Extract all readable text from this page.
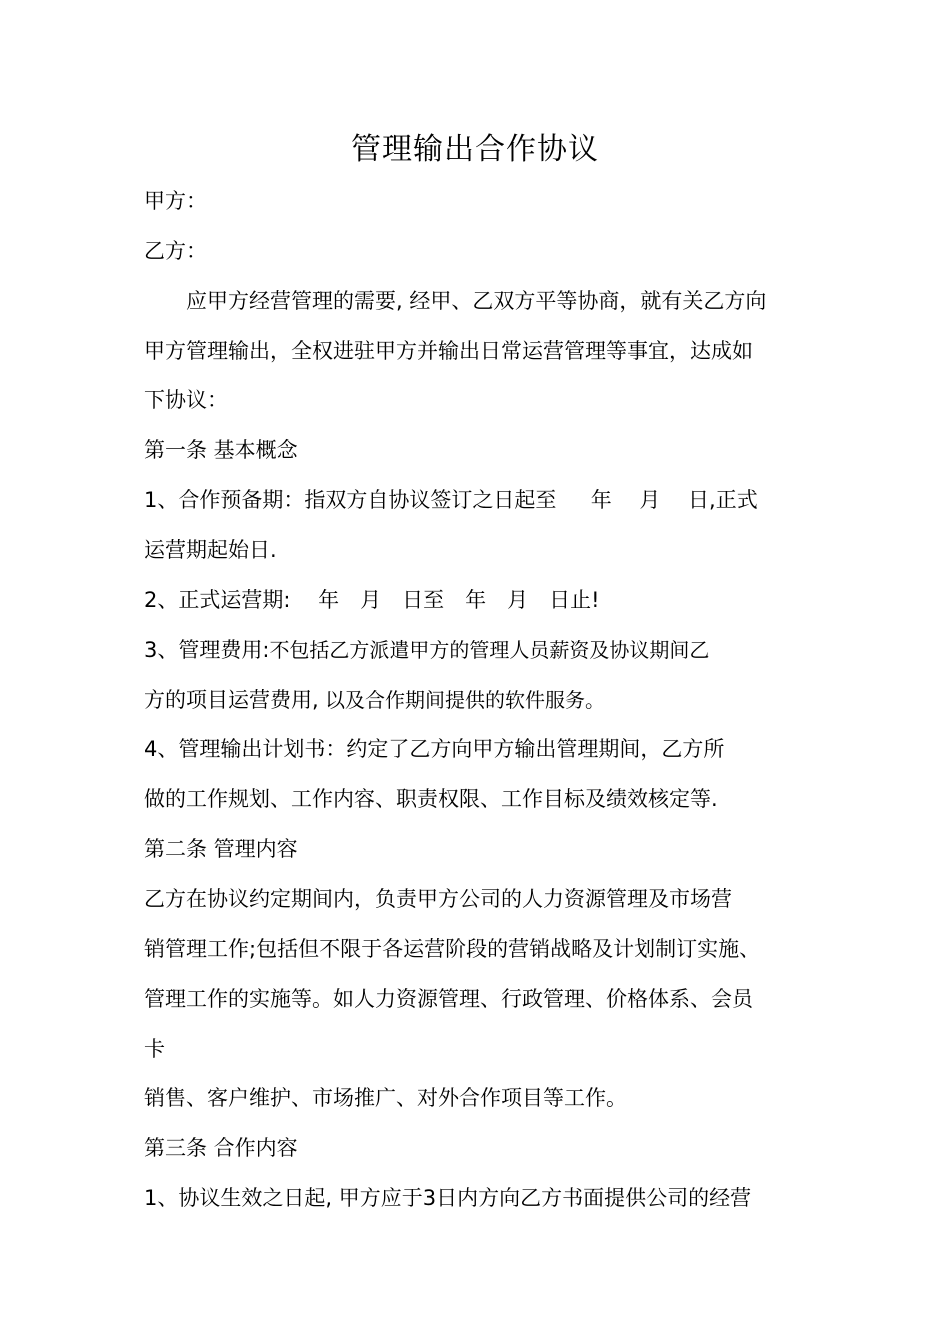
管理输出合作协议
甲方：
乙方：
应甲方经营管理的需要, 经甲、乙双方平等协商，就有关乙方向
甲方管理输出，全权进驻甲方并输出日常运营管理等事宜，达成如
下协议：
第一条 基本概念
1、合作预备期：指双方自协议签订之日起至　  年　 月　 日,正式
运营期起始日.
2、正式运营期:　 年　月　日至　年　月　日止!
3、管理费用:不包括乙方派遣甲方的管理人员薪资及协议期间乙
方的项目运营费用, 以及合作期间提供的软件服务。
4、管理输出计划书：约定了乙方向甲方输出管理期间，乙方所
做的工作规划、工作内容、职责权限、工作目标及绩效核定等.
第二条 管理内容
乙方在协议约定期间内，负责甲方公司的人力资源管理及市场营
销管理工作;包括但不限于各运营阶段的营销战略及计划制订实施、
管理工作的实施等。如人力资源管理、行政管理、价格体系、会员
卡
销售、客户维护、市场推广、对外合作项目等工作。
第三条 合作内容
1、协议生效之日起, 甲方应于3日内方向乙方书面提供公司的经营
